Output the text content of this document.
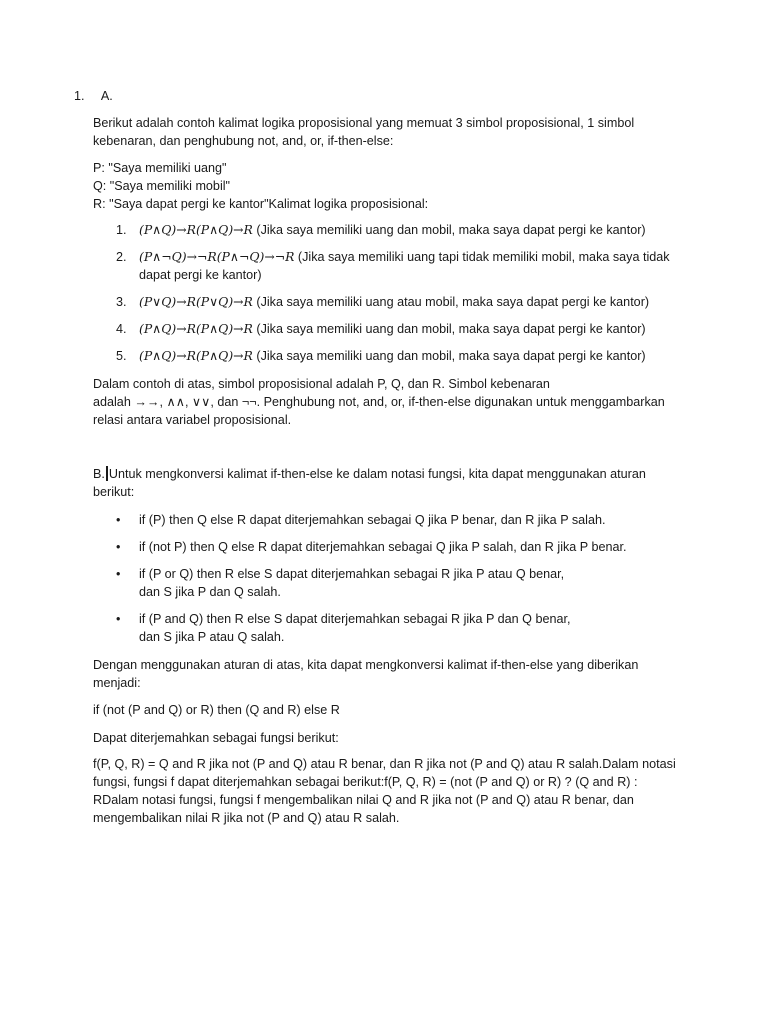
1. A.
Berikut adalah contoh kalimat logika proposisional yang memuat 3 simbol proposisional, 1 simbol
kebenaran, dan penghubung not, and, or, if-then-else:
P: "Saya memiliki uang"
Q: "Saya memiliki mobil"
R: "Saya dapat pergi ke kantor"Kalimat logika proposisional:
1.	(P∧Q)→R(P∧Q)→R (Jika saya memiliki uang dan mobil, maka saya dapat pergi ke kantor)
2.	(P∧¬Q)→¬R(P∧¬Q)→¬R (Jika saya memiliki uang tapi tidak memiliki mobil, maka saya tidak
dapat pergi ke kantor)
3.	(P∨Q)→R(P∨Q)→R (Jika saya memiliki uang atau mobil, maka saya dapat pergi ke kantor)
4.	(P∧Q)→R(P∧Q)→R (Jika saya memiliki uang dan mobil, maka saya dapat pergi ke kantor)
5.	(P∧Q)→R(P∧Q)→R (Jika saya memiliki uang dan mobil, maka saya dapat pergi ke kantor)
Dalam contoh di atas, simbol proposisional adalah P, Q, dan R. Simbol kebenaran
adalah →→, ∧∧, ∨∨, dan ¬¬. Penghubung not, and, or, if-then-else digunakan untuk menggambarkan
relasi antara variabel proposisional.
B. Untuk mengkonversi kalimat if-then-else ke dalam notasi fungsi, kita dapat menggunakan aturan
berikut:
•	if (P) then Q else R dapat diterjemahkan sebagai Q jika P benar, dan R jika P salah.
•	if (not P) then Q else R dapat diterjemahkan sebagai Q jika P salah, dan R jika P benar.
•	if (P or Q) then R else S dapat diterjemahkan sebagai R jika P atau Q benar,
dan S jika P dan Q salah.
•	if (P and Q) then R else S dapat diterjemahkan sebagai R jika P dan Q benar,
dan S jika P atau Q salah.
Dengan menggunakan aturan di atas, kita dapat mengkonversi kalimat if-then-else yang diberikan
menjadi:
if (not (P and Q) or R) then (Q and R) else R
Dapat diterjemahkan sebagai fungsi berikut:
f(P, Q, R) = Q and R jika not (P and Q) atau R benar, dan R jika not (P and Q) atau R salah.Dalam notasi
fungsi, fungsi f dapat diterjemahkan sebagai berikut:f(P, Q, R) = (not (P and Q) or R) ? (Q and R) :
RDalam notasi fungsi, fungsi f mengembalikan nilai Q and R jika not (P and Q) atau R benar, dan
mengembalikan nilai R jika not (P and Q) atau R salah.
